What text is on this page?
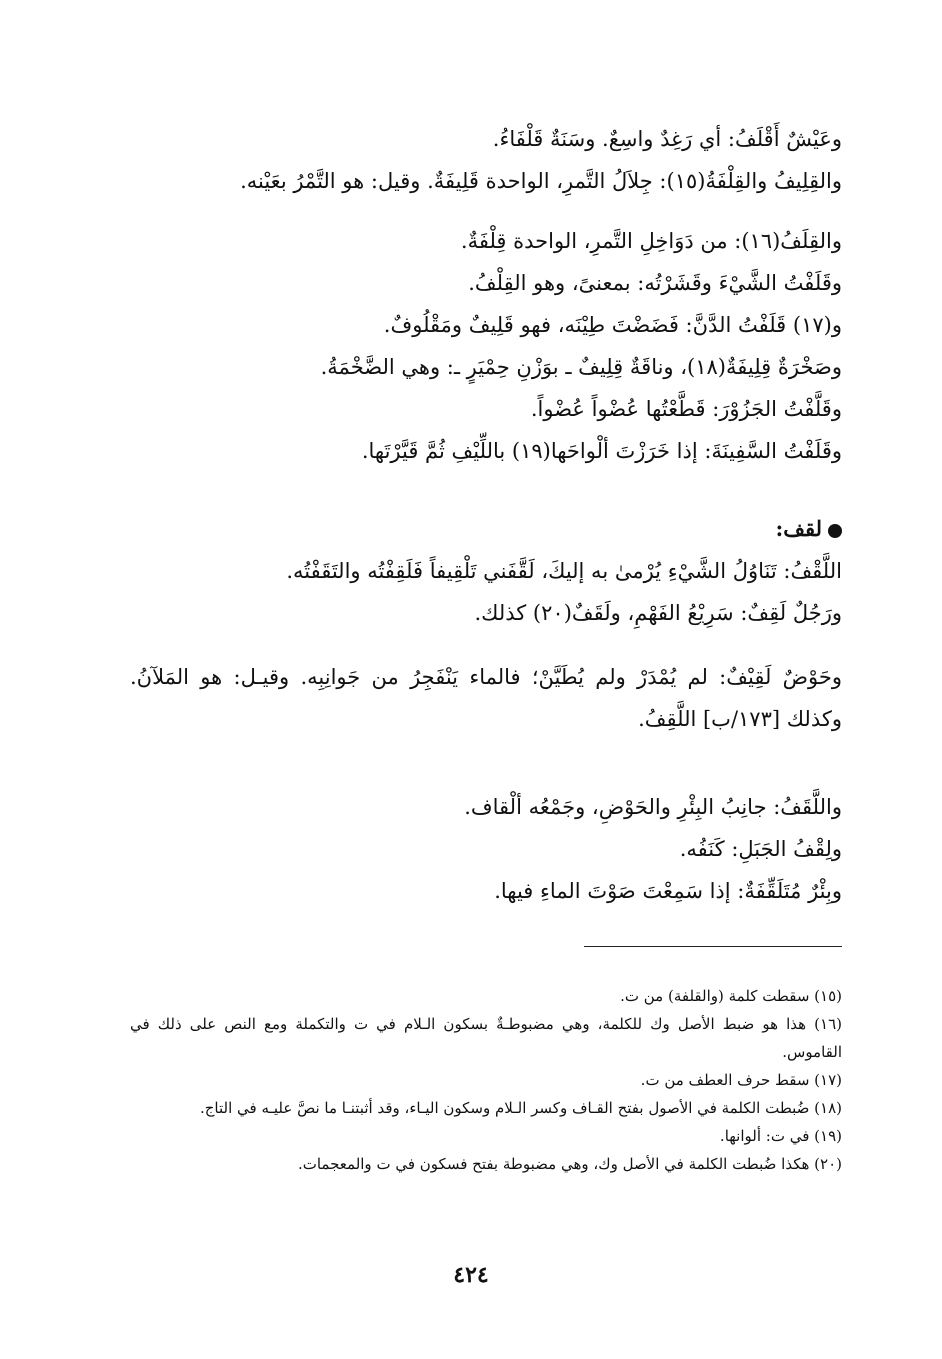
وعَيْشٌ أَقْلَفُ: أي رَغِدٌ واسِعٌ. وسَنَةٌ قَلْفَاءُ.
والقِلِيفُ والقِلْفَةُ(١٥): جِلاَلُ التَّمرِ، الواحدة قَلِيفَةٌ. وقيل: هو التَّمْرُ بعَيْنه.
والقِلَفُ(١٦): من دَوَاخِلِ التَّمرِ، الواحدة قِلْفَةٌ.
وقَلَفْتُ الشَّيْءَ وقَشَرْتُه: بمعنىً، وهو القِلْفُ.
و(١٧) قَلَفْتُ الدَّنَّ: فَضَضْتَ طِيْنَه، فهو قَلِيفٌ ومَقْلُوفٌ.
وصَخْرَةٌ قِلِيفَةٌ(١٨)، وناقَةٌ قِلِيفٌ ـ بوَزْنِ حِمْيَرٍ ـ: وهي الضَّخْمَةُ.
وقَلَّفْتُ الجَزُوْرَ: قَطَّعْتُها عُضْواً عُضْواً.
وقَلَفْتُ السَّفِينَةَ: إذا خَرَزْتَ ألْواحَها(١٩) باللِّيْفِ ثُمَّ قَيَّرْتَها.
لقف:
اللَّقْفُ: تَنَاوُلُ الشَّيْءِ يُرْمىٰ به إليكَ، لَقَّفَني تَلْقِيفاً فَلَقِفْتُه والتَقَفْتُه.
ورَجُلٌ لَقِفٌ: سَرِيْعُ الفَهْمِ، ولَقَفٌ(٢٠) كذلك.
وحَوْضٌ لَقِيْفٌ: لم يُمْدَرْ ولم يُطَيَّنْ؛ فالماء يَنْفَجِرُ من جَوانِبِه. وقيـل: هو المَلآنُ. وكذلك [١٧٣/ب] اللَّقِفُ.
واللَّقَفُ: جانِبُ البِئْرِ والحَوْضِ، وجَمْعُه ألْقاف.
ولِقْفُ الجَبَلِ: كَنَفُه.
وبِئْرٌ مُتَلَقِّفَةٌ: إذا سَمِعْتَ صَوْتَ الماءِ فيها.
(١٥) سقطت كلمة (والقلفة) من ت.
(١٦) هذا هو ضبط الأصل وك للكلمة، وهي مضبوطـةٌ بسكون الـلام في ت والتكملة ومع النص على ذلك في القاموس.
(١٧) سقط حرف العطف من ت.
(١٨) ضُبطت الكلمة في الأصول بفتح القـاف وكسر الـلام وسكون اليـاء، وقد أثبتنـا ما نصَّ عليـه في التاج.
(١٩) في ت: ألوانها.
(٢٠) هكذا ضُبطت الكلمة في الأصل وك، وهي مضبوطة بفتح فسكون في ت والمعجمات.
٤٢٤
